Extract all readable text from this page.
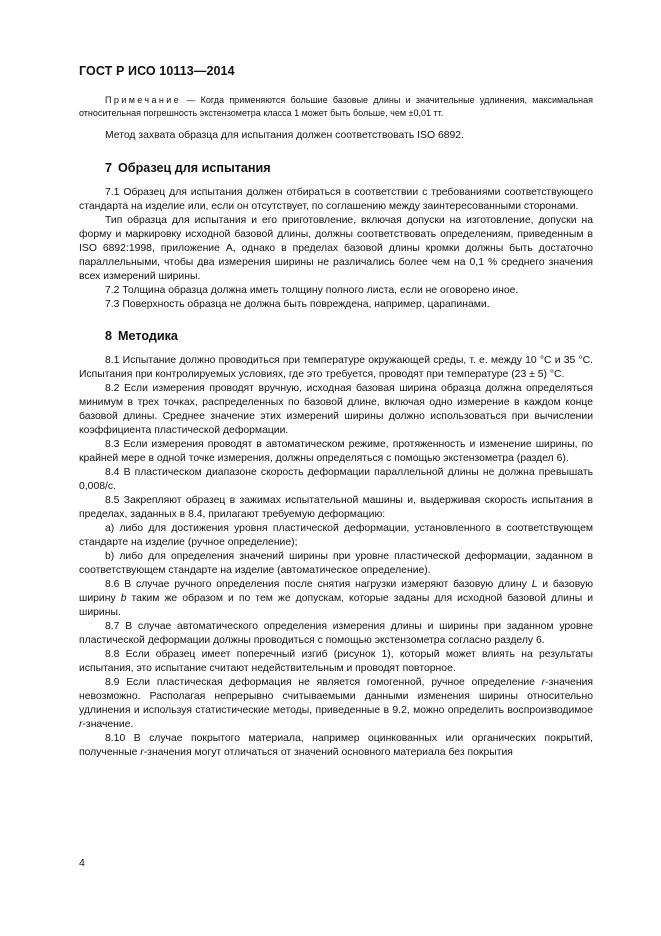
ГОСТ Р ИСО 10113—2014

Примечание — Когда применяются большие базовые длины и значительные удлинения, максимальная относительная погрешность экстензометра класса 1 может быть больше, чем ±0,01 тт.

Метод захвата образца для испытания должен соответствовать ISO 6892.

7 Образец для испытания

7.1 Образец для испытания должен отбираться в соответствии с требованиями соответствующего стандарта на изделие или, если он отсутствует, по соглашению между заинтересованными сторонами.

Тип образца для испытания и его приготовление, включая допуски на изготовление, допуски на форму и маркировку исходной базовой длины, должны соответствовать определениям, приведенным в ISO 6892:1998, приложение А, однако в пределах базовой длины кромки должны быть достаточно параллельными, чтобы два измерения ширины не различались более чем на 0,1 % среднего значения всех измерений ширины.

7.2 Толщина образца должна иметь толщину полного листа, если не оговорено иное.

7.3 Поверхность образца не должна быть повреждена, например, царапинами.

8 Методика

8.1 Испытание должно проводиться при температуре окружающей среды, т. е. между 10 °С и 35 °С. Испытания при контролируемых условиях, где это требуется, проводят при температуре (23 ± 5) °С.

8.2 Если измерения проводят вручную, исходная базовая ширина образца должна определяться минимум в трех точках, распределенных по базовой длине, включая одно измерение в каждом конце базовой длины. Среднее значение этих измерений ширины должно использоваться при вычислении коэффициента пластической деформации.

8.3 Если измерения проводят в автоматическом режиме, протяженность и изменение ширины, по крайней мере в одной точке измерения, должны определяться с помощью экстензометра (раздел 6).

8.4 В пластическом диапазоне скорость деформации параллельной длины не должна превышать 0,008/с.

8.5 Закрепляют образец в зажимах испытательной машины и, выдерживая скорость испытания в пределах, заданных в 8.4, прилагают требуемую деформацию:

а) либо для достижения уровня пластической деформации, установленного в соответствующем стандарте на изделие (ручное определение);

b) либо для определения значений ширины при уровне пластической деформации, заданном в соответствующем стандарте на изделие (автоматическое определение).

8.6 В случае ручного определения после снятия нагрузки измеряют базовую длину L и базовую ширину b таким же образом и по тем же допускам, которые заданы для исходной базовой длины и ширины.

8.7 В случае автоматического определения измерения длины и ширины при заданном уровне пластической деформации должны проводиться с помощью экстензометра согласно разделу 6.

8.8 Если образец имеет поперечный изгиб (рисунок 1), который может влиять на результаты испытания, это испытание считают недействительным и проводят повторное.

8.9 Если пластическая деформация не является гомогенной, ручное определение r-значения невозможно. Располагая непрерывно считываемыми данными изменения ширины относительно удлинения и используя статистические методы, приведенные в 9.2, можно определить воспроизводимое r-значение.

8.10 В случае покрытого материала, например оцинкованных или органических покрытий, полученные r-значения могут отличаться от значений основного материала без покрытия

4
